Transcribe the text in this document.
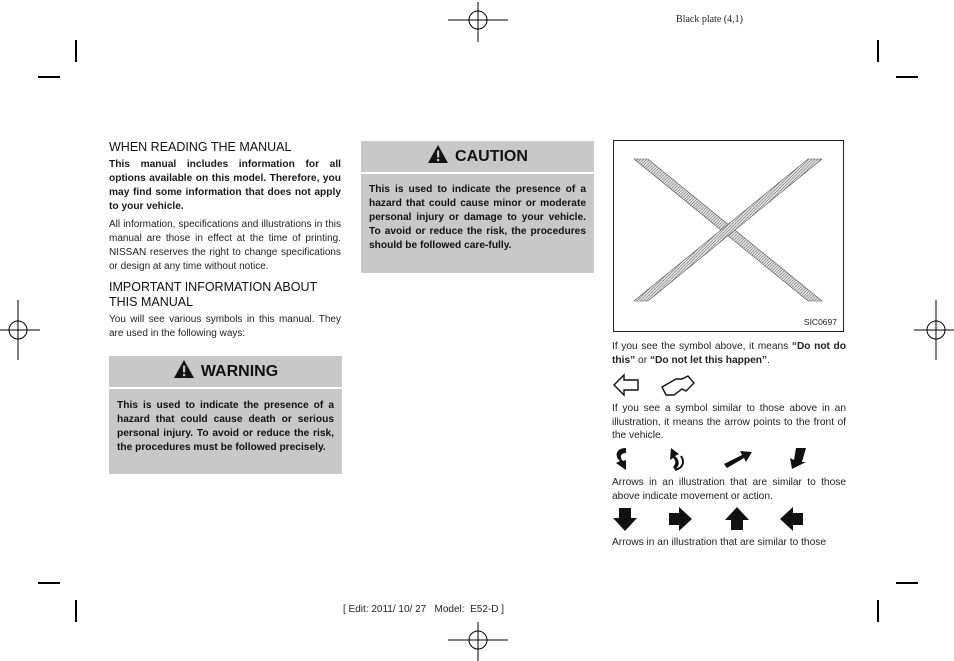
Black plate (4,1)
[ Edit: 2011/ 10/ 27   Model:  E52-D ]
WHEN READING THE MANUAL
This manual includes information for all options available on this model. Therefore, you may find some information that does not apply to your vehicle.
All information, specifications and illustrations in this manual are those in effect at the time of printing. NISSAN reserves the right to change specifications or design at any time without notice.
IMPORTANT INFORMATION ABOUT THIS MANUAL
You will see various symbols in this manual. They are used in the following ways:
WARNING
This is used to indicate the presence of a hazard that could cause death or serious personal injury. To avoid or reduce the risk, the procedures must be followed precisely.
CAUTION
This is used to indicate the presence of a hazard that could cause minor or moderate personal injury or damage to your vehicle. To avoid or reduce the risk, the procedures should be followed care-fully.
SIC0697
If you see the symbol above, it means “Do not do this” or “Do not let this happen”.
If you see a symbol similar to those above in an illustration, it means the arrow points to the front of the vehicle.
Arrows in an illustration that are similar to those above indicate movement or action.
Arrows in an illustration that are similar to those
